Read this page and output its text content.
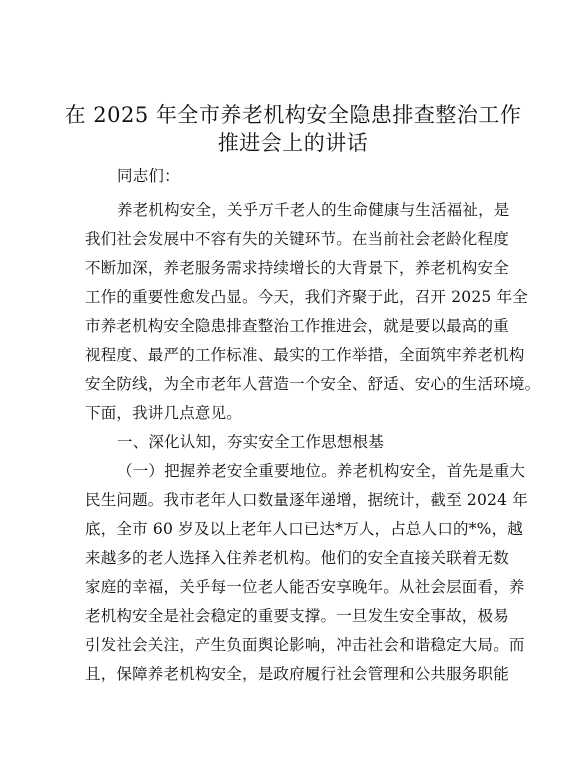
在 2025 年全市养老机构安全隐患排查整治工作
推进会上的讲话
同志们：
养老机构安全，关乎万千老人的生命健康与生活福祉，是
我们社会发展中不容有失的关键环节。在当前社会老龄化程度
不断加深，养老服务需求持续增长的大背景下，养老机构安全
工作的重要性愈发凸显。今天，我们齐聚于此，召开 2025 年全
市养老机构安全隐患排查整治工作推进会，就是要以最高的重
视程度、最严的工作标准、最实的工作举措，全面筑牢养老机构
安全防线，为全市老年人营造一个安全、舒适、安心的生活环境。
下面，我讲几点意见。
一、深化认知，夯实安全工作思想根基
（一）把握养老安全重要地位。养老机构安全，首先是重大
民生问题。我市老年人口数量逐年递增，据统计，截至 2024 年
底，全市 60 岁及以上老年人口已达*万人，占总人口的*%，越
来越多的老人选择入住养老机构。他们的安全直接关联着无数
家庭的幸福，关乎每一位老人能否安享晚年。从社会层面看，养
老机构安全是社会稳定的重要支撑。一旦发生安全事故，极易
引发社会关注，产生负面舆论影响，冲击社会和谐稳定大局。而
且，保障养老机构安全，是政府履行社会管理和公共服务职能
